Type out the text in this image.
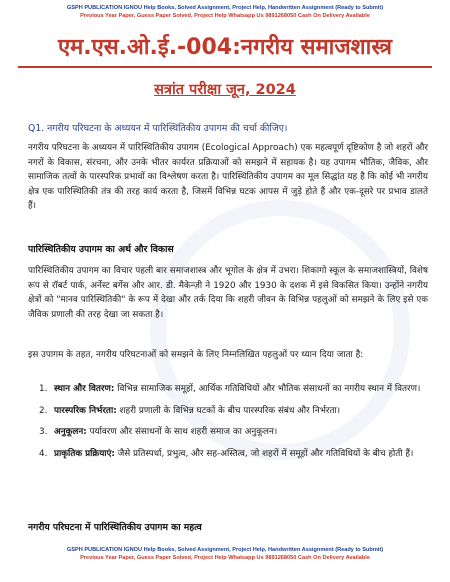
GSPH PUBLICATION IGNOU Help Books, Solved Assignment, Project Help, Handwritten Assignment (Ready to Submit)
Previous Year Paper, Guess Paper Solved, Project Help Whatsapp Us 9891268050 Cash On Delivery Available
एम.एस.ओ.ई.-004:नगरीय समाजशास्त्र
सत्रांत परीक्षा जून, 2024
Q1. नगरीय परिघटना के अध्ययन में पारिस्थितिकीय उपागम की चर्चा कीजिए।

नगरीय परिघटना के अध्ययन में पारिस्थितिकीय उपागम (Ecological Approach) एक महत्वपूर्ण दृष्टिकोण है जो शहरों और नगरों के विकास, संरचना, और उनके भीतर कार्यरत प्रक्रियाओं को समझने में सहायक है। यह उपागम भौतिक, जैविक, और सामाजिक तत्वों के पारस्परिक प्रभावों का विश्लेषण करता है। पारिस्थितिकीय उपागम का मूल सिद्धांत यह है कि कोई भी नगरीय क्षेत्र एक पारिस्थितिकी तंत्र की तरह कार्य करता है, जिसमें विभिन्न घटक आपस में जुड़े होते हैं और एक-दूसरे पर प्रभाव डालते हैं।

पारिस्थितिकीय उपागम का अर्थ और विकास

पारिस्थितिकीय उपागम का विचार पहली बार समाजशास्त्र और भूगोल के क्षेत्र में उभरा। शिकागो स्कूल के समाजशास्त्रियों, विशेष रूप से रॉबर्ट पार्क, अर्नेस्ट बर्गेस और आर. डी. मैकेन्ज़ी ने 1920 और 1930 के दशक में इसे विकसित किया। उन्होंने नगरीय क्षेत्रों को "मानव पारिस्थितिकी" के रूप में देखा और तर्क दिया कि शहरी जीवन के विभिन्न पहलुओं को समझने के लिए इसे एक जैविक प्रणाली की तरह देखा जा सकता है।

इस उपागम के तहत, नगरीय परिघटनाओं को समझने के लिए निम्नलिखित पहलुओं पर ध्यान दिया जाता है:

1. स्थान और वितरण: विभिन्न सामाजिक समूहों, आर्थिक गतिविधियों और भौतिक संसाधनों का नगरीय स्थान में वितरण।
2. पारस्परिक निर्भरता: शहरी प्रणाली के विभिन्न घटकों के बीच पारस्परिक संबंध और निर्भरता।
3. अनुकूलन: पर्यावरण और संसाधनों के साथ शहरी समाज का अनुकूलन।
4. प्राकृतिक प्रक्रियाएं: जैसे प्रतिस्पर्धा, प्रभुत्व, और सह-अस्तित्व, जो शहरों में समूहों और गतिविधियों के बीच होती हैं।
नगरीय परिघटना में पारिस्थितिकीय उपागम का महत्व
GSPH PUBLICATION IGNOU Help Books, Solved Assignment, Project Help, Handwritten Assignment (Ready to Submit)
Previous Year Paper, Guess Paper Solved, Project Help Whatsapp Us 9891268050 Cash On Delivery Available
